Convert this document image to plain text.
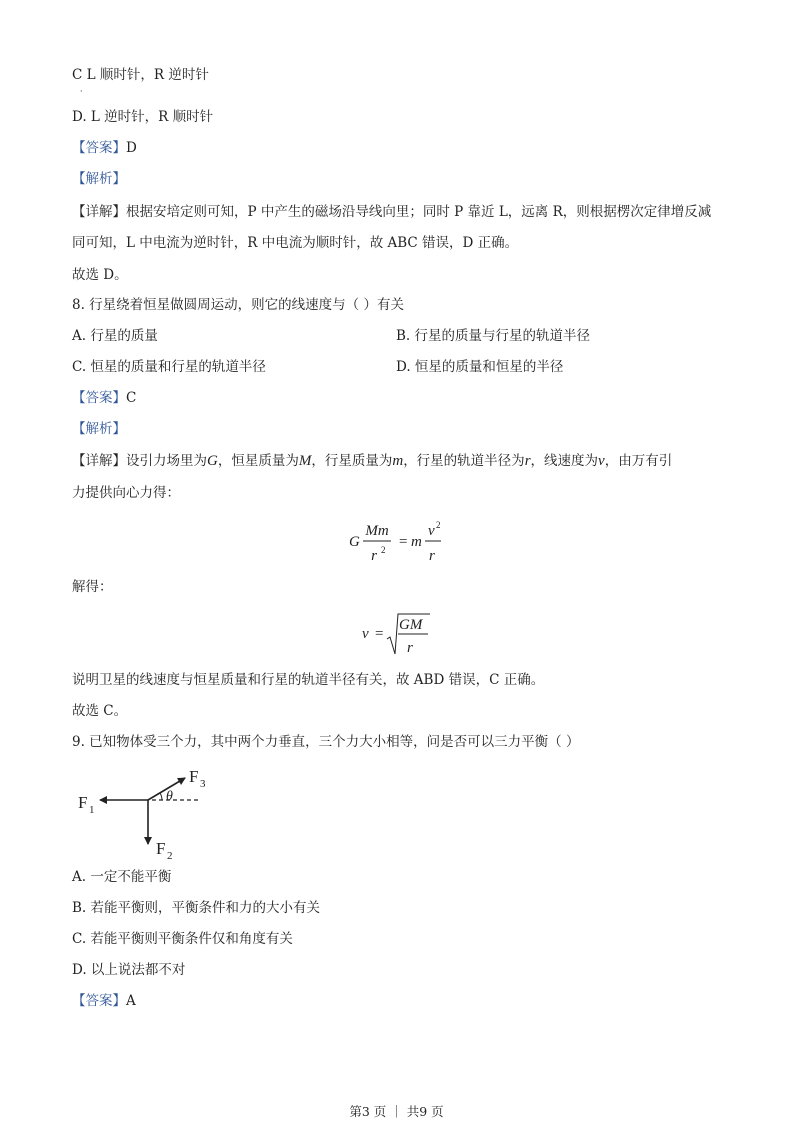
C L 顺时针，R 逆时针
·
D. L 逆时针，R 顺时针
【答案】D
【解析】
【详解】根据安培定则可知，P 中产生的磁场沿导线向里；同时 P 靠近 L，远离 R，则根据楞次定律增反减
同可知，L 中电流为逆时针，R 中电流为顺时针，故 ABC 错误，D 正确。
故选 D。
8. 行星绕着恒星做圆周运动，则它的线速度与（ ）有关
A. 行星的质量	B. 行星的质量与行星的轨道半径
C. 恒星的质量和行星的轨道半径	D. 恒星的质量和恒星的半径
【答案】C
【解析】
【详解】设引力场里为G，恒星质量为M，行星质量为m，行星的轨道半径为r，线速度为v，由万有引
力提供向心力得：
G
Mm
r 2 = m
v 2
r
解得：
v =
GM
r
说明卫星的线速度与恒星质量和行星的轨道半径有关，故 ABD 错误，C 正确。
故选 C。
9. 已知物体受三个力，其中两个力垂直，三个力大小相等，问是否可以三力平衡（ ）
F 1
F 2
F 3
θ
A. 一定不能平衡
B. 若能平衡则，平衡条件和力的大小有关
C. 若能平衡则平衡条件仅和角度有关
D. 以上说法都不对
【答案】A
第3 页 ｜ 共9 页
